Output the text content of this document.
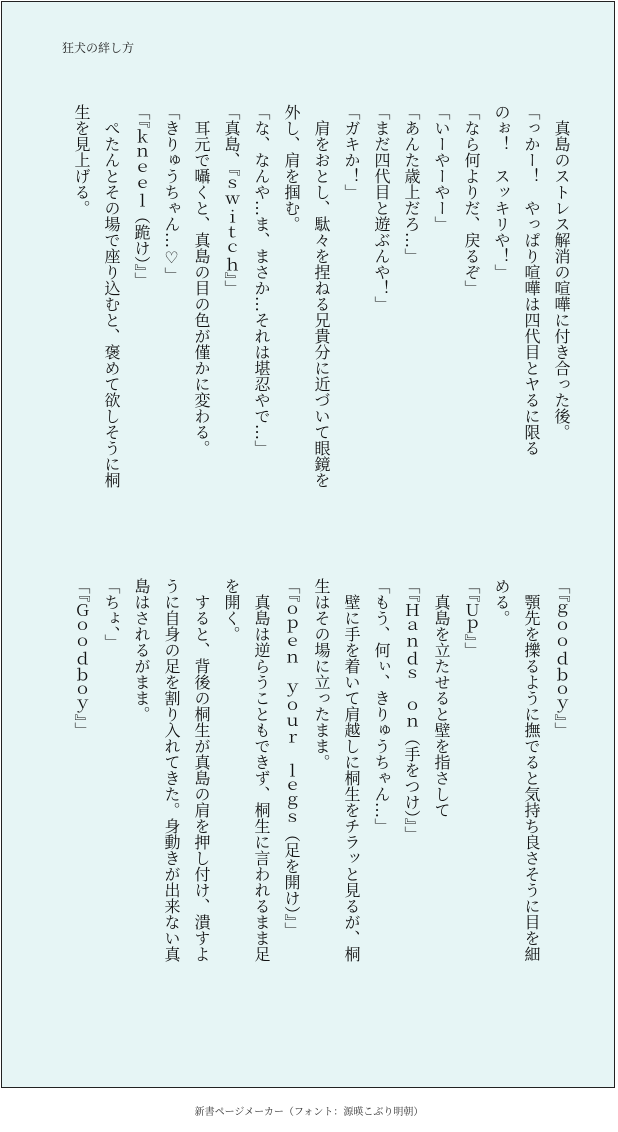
狂犬の絆し方
　真島のストレス解消の喧嘩に付き合った後。
「っかー！　やっぱり喧嘩は四代目とヤるに限る
のぉ！　スッキリや！」
「なら何よりだ、戻るぞ」
「いーやーやー」
「あんた歳上だろ…」
「まだ四代目と遊ぶんや！」
「ガキか！」
　肩をおとし、駄々を捏ねる兄貴分に近づいて眼鏡を
外し、肩を掴む。
「な、なんや…ま、まさか…それは堪忍やで…」
「真島、『ｓｗｉｔｃｈ』」
　耳元で囁くと、真島の目の色が僅かに変わる。
「きりゅうちゃん…♡」
「『ｋｎｅｅｌ（跪け）』」
　ぺたんとその場で座り込むと、褒めて欲しそうに桐
生を見上げる。
「『ｇｏｏｄｂｏｙ』」
　顎先を擽るように撫でると気持ち良さそうに目を細
める。
「『Ｕｐ』」
　真島を立たせると壁を指さして
「『Ｈａｎｄｓ　ｏｎ（手をつけ）』」
「もう、何ぃ、きりゅうちゃん…」
　壁に手を着いて肩越しに桐生をチラッと見るが、桐
生はその場に立ったまま。
「『ｏｐｅｎ　ｙｏｕｒ　ｌｅｇｓ（足を開け）』」
　真島は逆らうこともできず、桐生に言われるまま足
を開く。
　すると、背後の桐生が真島の肩を押し付け、潰すよ
うに自身の足を割り入れてきた。身動きが出来ない真
島はされるがまま。
「ちょ、」
「『Ｇｏｏｄｂｏｙ』」
新書ページメーカー（フォント：源暎こぶり明朝）
